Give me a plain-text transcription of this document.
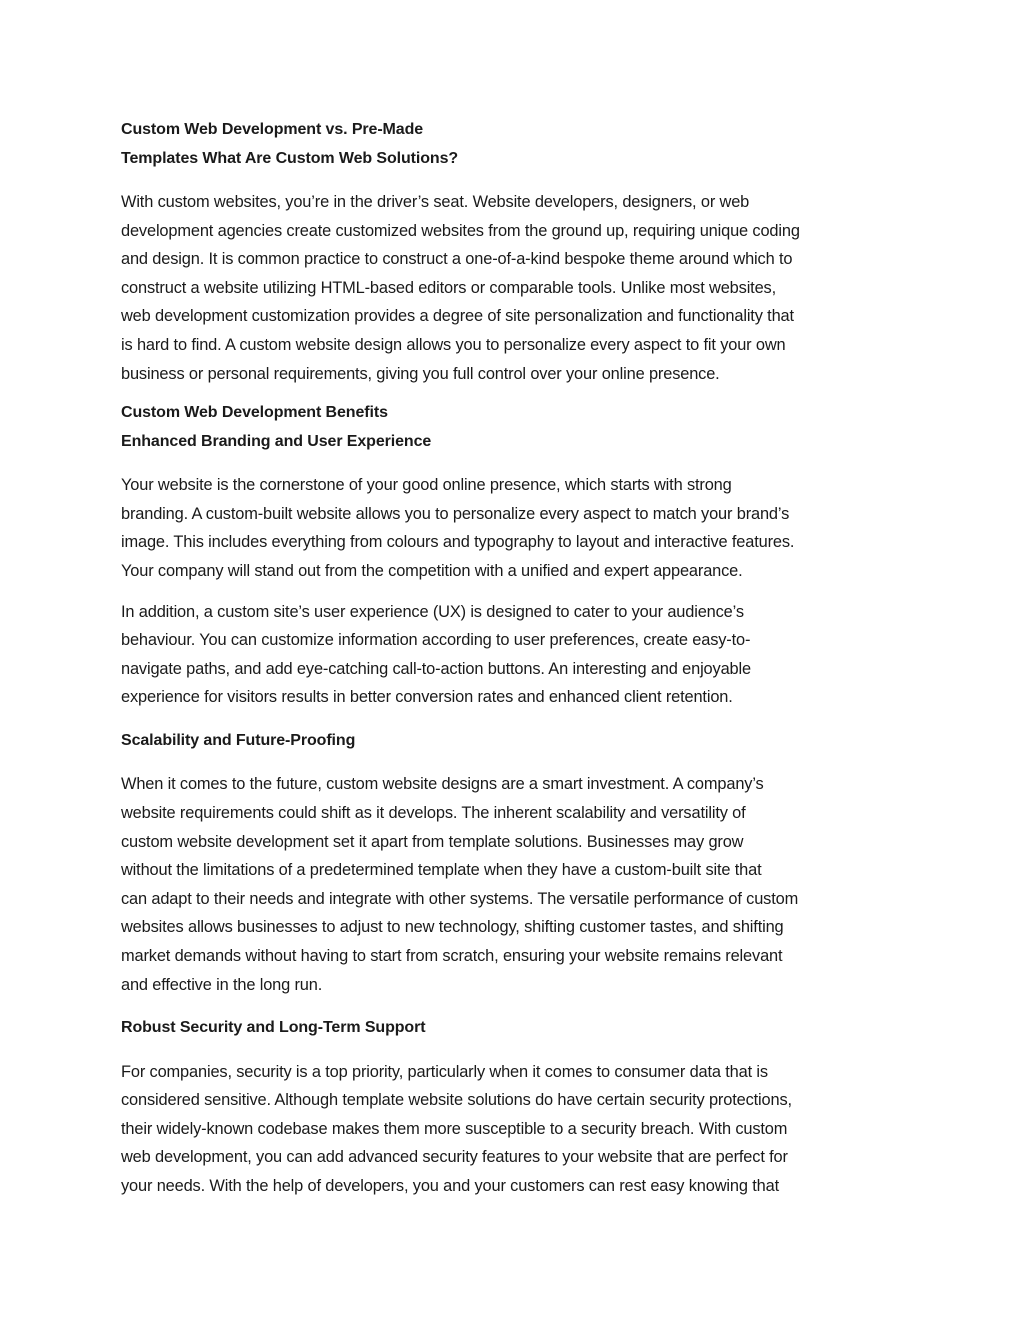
Custom Web Development vs. Pre-Made
Templates What Are Custom Web Solutions?

With custom websites, you’re in the driver’s seat. Website developers, designers, or web
development agencies create customized websites from the ground up, requiring unique coding
and design. It is common practice to construct a one-of-a-kind bespoke theme around which to
construct a website utilizing HTML-based editors or comparable tools. Unlike most websites,
web development customization provides a degree of site personalization and functionality that
is hard to find. A custom website design allows you to personalize every aspect to fit your own
business or personal requirements, giving you full control over your online presence.

Custom Web Development Benefits
Enhanced Branding and User Experience

Your website is the cornerstone of your good online presence, which starts with strong
branding. A custom-built website allows you to personalize every aspect to match your brand’s
image. This includes everything from colours and typography to layout and interactive features.
Your company will stand out from the competition with a unified and expert appearance.

In addition, a custom site’s user experience (UX) is designed to cater to your audience’s
behaviour. You can customize information according to user preferences, create easy-to-
navigate paths, and add eye-catching call-to-action buttons. An interesting and enjoyable
experience for visitors results in better conversion rates and enhanced client retention.

Scalability and Future-Proofing

When it comes to the future, custom website designs are a smart investment. A company’s
website requirements could shift as it develops. The inherent scalability and versatility of
custom website development set it apart from template solutions. Businesses may grow
without the limitations of a predetermined template when they have a custom-built site that
can adapt to their needs and integrate with other systems. The versatile performance of custom
websites allows businesses to adjust to new technology, shifting customer tastes, and shifting
market demands without having to start from scratch, ensuring your website remains relevant
and effective in the long run.

Robust Security and Long-Term Support

For companies, security is a top priority, particularly when it comes to consumer data that is
considered sensitive. Although template website solutions do have certain security protections,
their widely-known codebase makes them more susceptible to a security breach. With custom
web development, you can add advanced security features to your website that are perfect for
your needs. With the help of developers, you and your customers can rest easy knowing that
